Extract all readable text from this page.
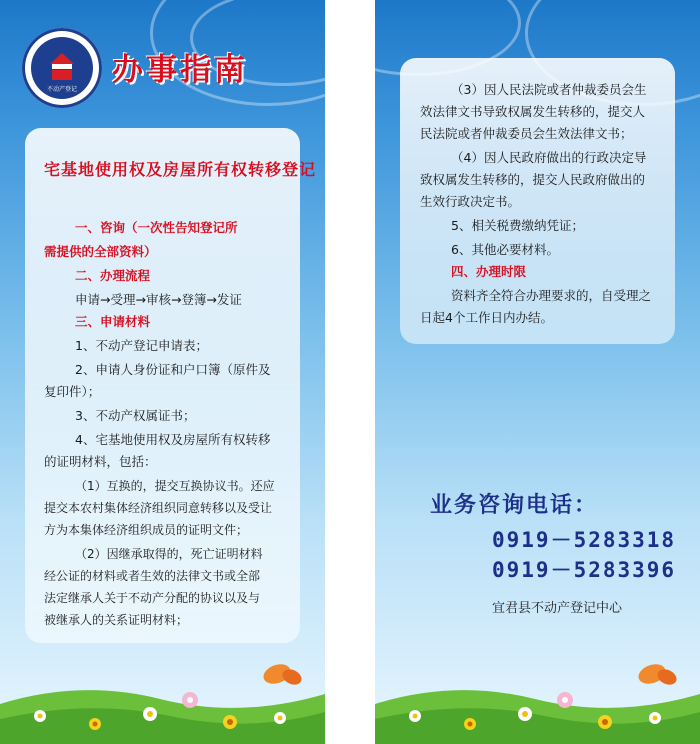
不动产登记
办事指南
宅基地使用权及房屋所有权转移登记
一、咨询（一次性告知登记所
需提供的全部资料）
二、办理流程
申请→受理→审核→登簿→发证
三、申请材料
1、不动产登记申请表；
2、申请人身份证和户口簿（原件及
复印件）；
3、不动产权属证书；
4、宅基地使用权及房屋所有权转移
的证明材料，包括：
（1）互换的，提交互换协议书。还应
提交本农村集体经济组织同意转移以及受让
方为本集体经济组织成员的证明文件；
（2）因继承取得的，死亡证明材料
经公证的材料或者生效的法律文书或全部
法定继承人关于不动产分配的协议以及与
被继承人的关系证明材料；
（3）因人民法院或者仲裁委员会生
效法律文书导致权属发生转移的，提交人
民法院或者仲裁委员会生效法律文书；
（4）因人民政府做出的行政决定导
致权属发生转移的，提交人民政府做出的
生效行政决定书。
5、相关税费缴纳凭证；
6、其他必要材料。
四、办理时限
资料齐全符合办理要求的，自受理之
日起4个工作日内办结。
业务咨询电话：
0919－5283318
0919－5283396
宜君县不动产登记中心
